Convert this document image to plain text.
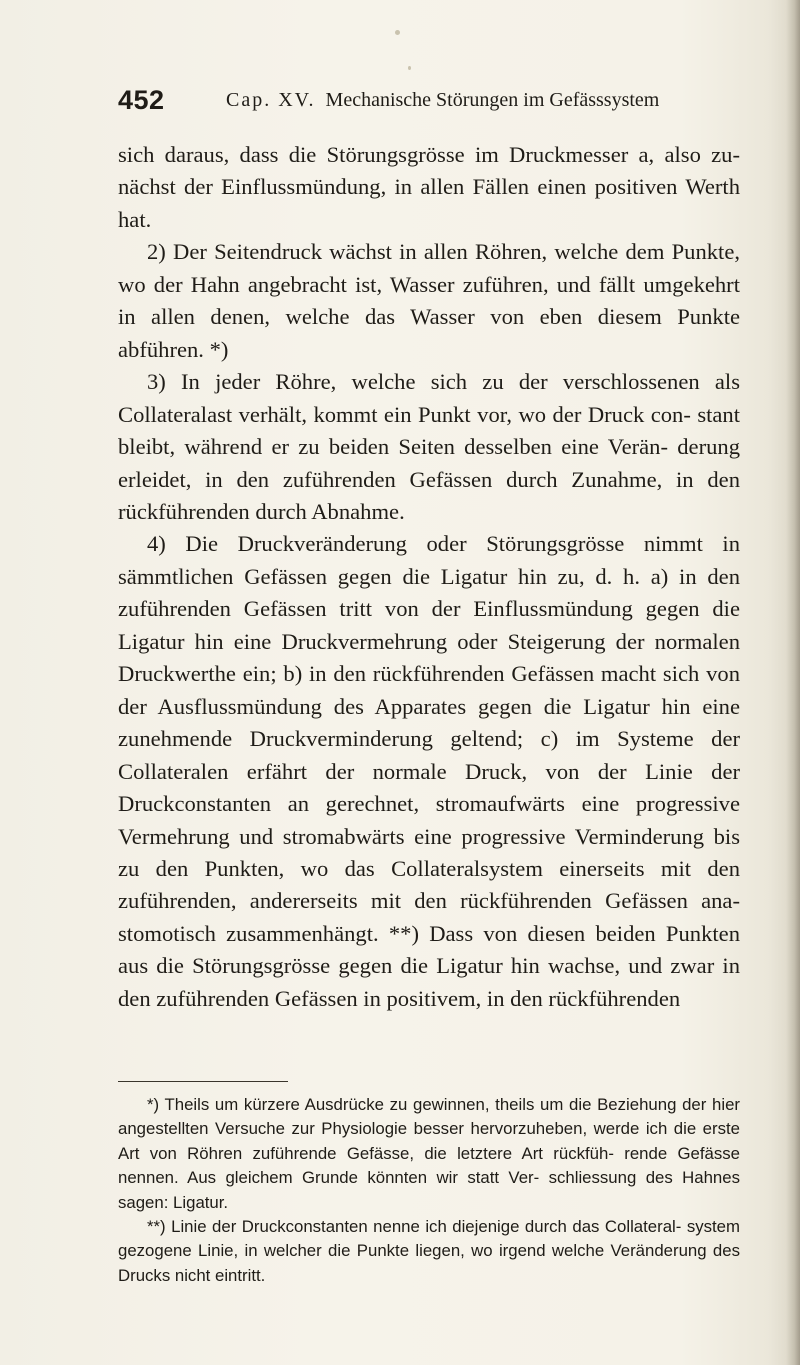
452	Cap. XV. Mechanische Störungen im Gefässsystem

sich daraus, dass die Störungsgrösse im Druckmesser a, also zu- nächst der Einflussmündung, in allen Fällen einen positiven Werth hat.

2) Der Seitendruck wächst in allen Röhren, welche dem Punkte, wo der Hahn angebracht ist, Wasser zuführen, und fällt umgekehrt in allen denen, welche das Wasser von eben diesem Punkte abführen. *)

3) In jeder Röhre, welche sich zu der verschlossenen als Collateralast verhält, kommt ein Punkt vor, wo der Druck con- stant bleibt, während er zu beiden Seiten desselben eine Verän- derung erleidet, in den zuführenden Gefässen durch Zunahme, in den rückführenden durch Abnahme.

4) Die Druckveränderung oder Störungsgrösse nimmt in sämmtlichen Gefässen gegen die Ligatur hin zu, d. h. a) in den zuführenden Gefässen tritt von der Einflussmündung gegen die Ligatur hin eine Druckvermehrung oder Steigerung der normalen Druckwerthe ein; b) in den rückführenden Gefässen macht sich von der Ausflussmündung des Apparates gegen die Ligatur hin eine zunehmende Druckverminderung geltend; c) im Systeme der Collateralen erfährt der normale Druck, von der Linie der Druckconstanten an gerechnet, stromaufwärts eine progressive Vermehrung und stromabwärts eine progressive Verminderung bis zu den Punkten, wo das Collateralsystem einerseits mit den zuführenden, andererseits mit den rückführenden Gefässen ana- stomotisch zusammenhängt. **) Dass von diesen beiden Punkten aus die Störungsgrösse gegen die Ligatur hin wachse, und zwar in den zuführenden Gefässen in positivem, in den rückführenden

*) Theils um kürzere Ausdrücke zu gewinnen, theils um die Beziehung der hier angestellten Versuche zur Physiologie besser hervorzuheben, werde ich die erste Art von Röhren zuführende Gefässe, die letztere Art rückfüh- rende Gefässe nennen. Aus gleichem Grunde könnten wir statt Ver- schliessung des Hahnes sagen: Ligatur.

**) Linie der Druckconstanten nenne ich diejenige durch das Collateral- system gezogene Linie, in welcher die Punkte liegen, wo irgend welche Veränderung des Drucks nicht eintritt.
